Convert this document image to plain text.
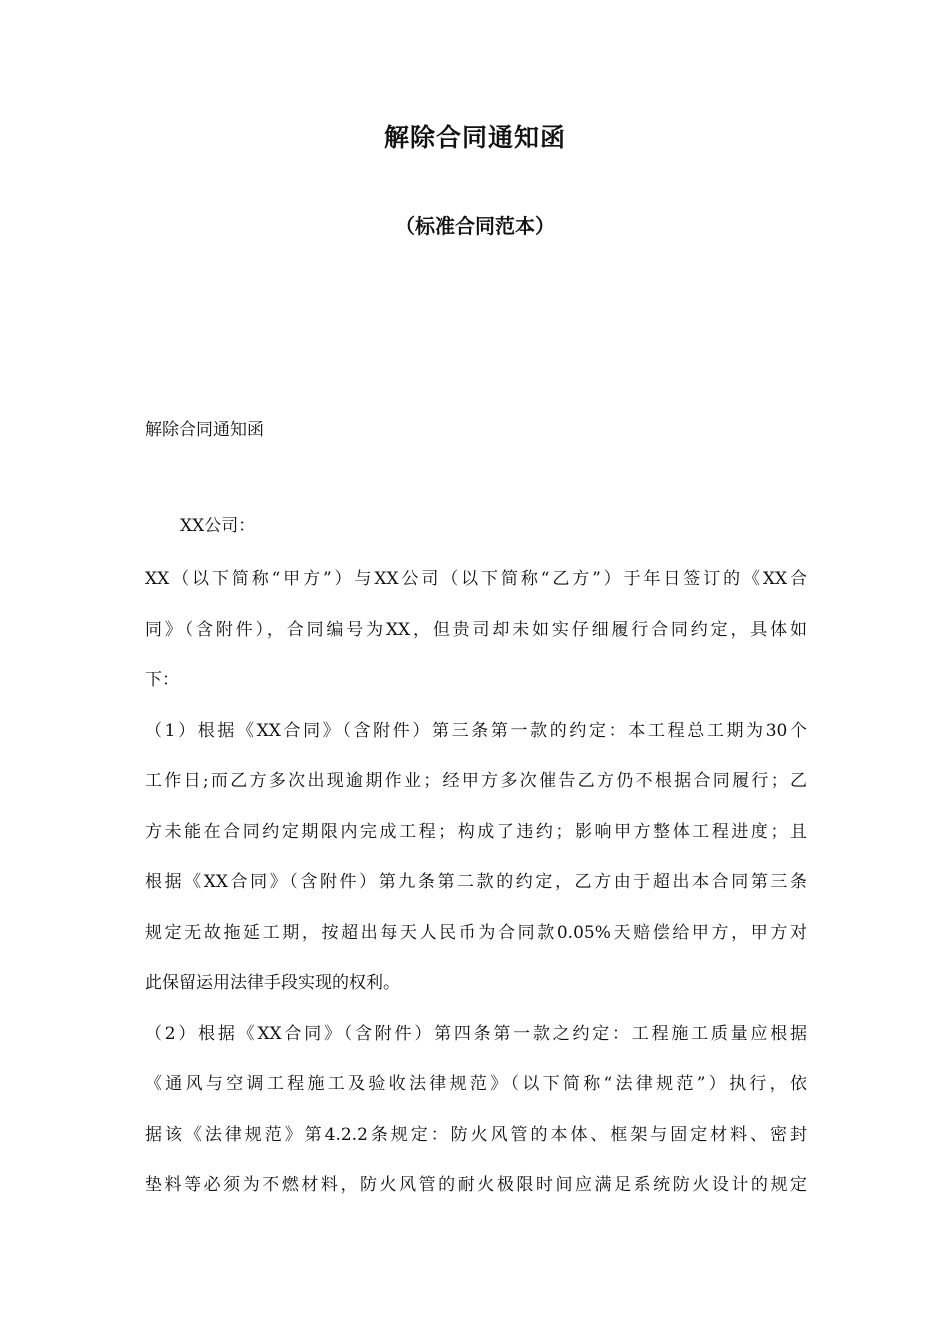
解除合同通知函
（标准合同范本）
解除合同通知函
XX公司：
XX（以下简称“甲方”）与XX公司（以下简称“乙方”）于年日签订的《XX合
同》（含附件），合同编号为XX，但贵司却未如实仔细履行合同约定，具体如
下：
（1）根据《XX合同》（含附件）第三条第一款的约定：本工程总工期为30个
工作日;而乙方多次出现逾期作业；经甲方多次催告乙方仍不根据合同履行；乙
方未能在合同约定期限内完成工程；构成了违约；影响甲方整体工程进度；且
根据《XX合同》（含附件）第九条第二款的约定，乙方由于超出本合同第三条
规定无故拖延工期，按超出每天人民币为合同款0.05%天赔偿给甲方，甲方对
此保留运用法律手段实现的权利。
（2）根据《XX合同》（含附件）第四条第一款之约定：工程施工质量应根据
《通风与空调工程施工及验收法律规范》（以下简称“法律规范”）执行，依
据该《法律规范》第4.2.2条规定：防火风管的本体、框架与固定材料、密封
垫料等必须为不燃材料，防火风管的耐火极限时间应满足系统防火设计的规定
